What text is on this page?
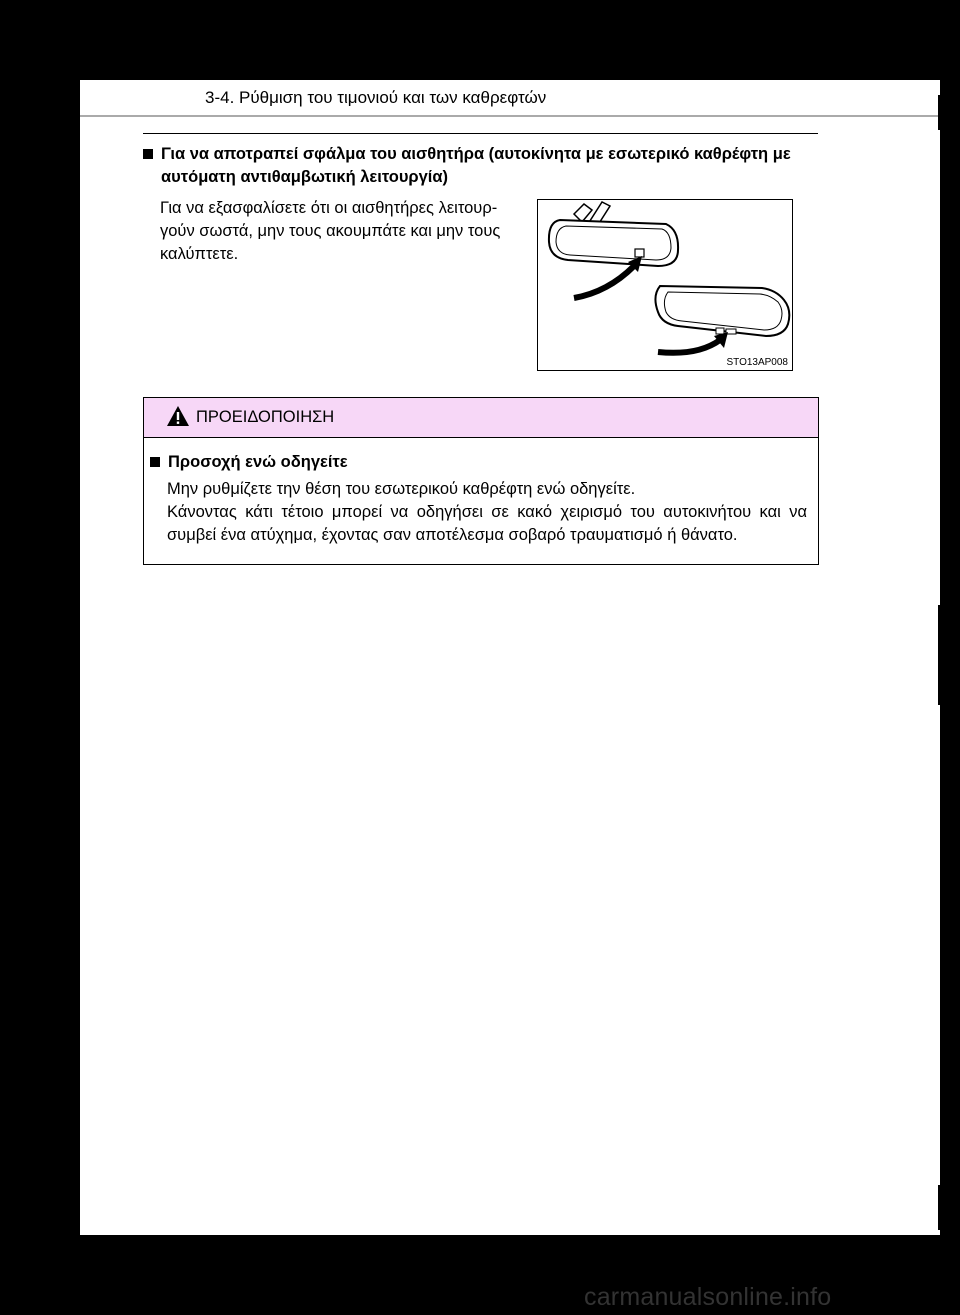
3-4. Ρύθμιση του τιμονιού και των καθρεφτών
Για να αποτραπεί σφάλμα του αισθητήρα (αυτοκίνητα με εσωτερικό καθρέφτη με αυτόματη αντιθαμβωτική λειτουργία)
Για να εξασφαλίσετε ότι οι αισθητήρες λειτουρ-
γούν σωστά, μην τους ακουμπάτε και μην τους
καλύπτετε.
STO13AP008
ΠΡΟΕΙΔΟΠΟΙΗΣΗ
Προσοχή ενώ οδηγείτε

Μην ρυθμίζετε την θέση του εσωτερικού καθρέφτη ενώ οδηγείτε.

Κάνοντας κάτι τέτοιο μπορεί να οδηγήσει σε κακό χειρισμό του αυτοκινήτου και να συμβεί ένα ατύχημα, έχοντας σαν αποτέλεσμα σοβαρό τραυματισμό ή θάνατο.

carmanualsonline.info
